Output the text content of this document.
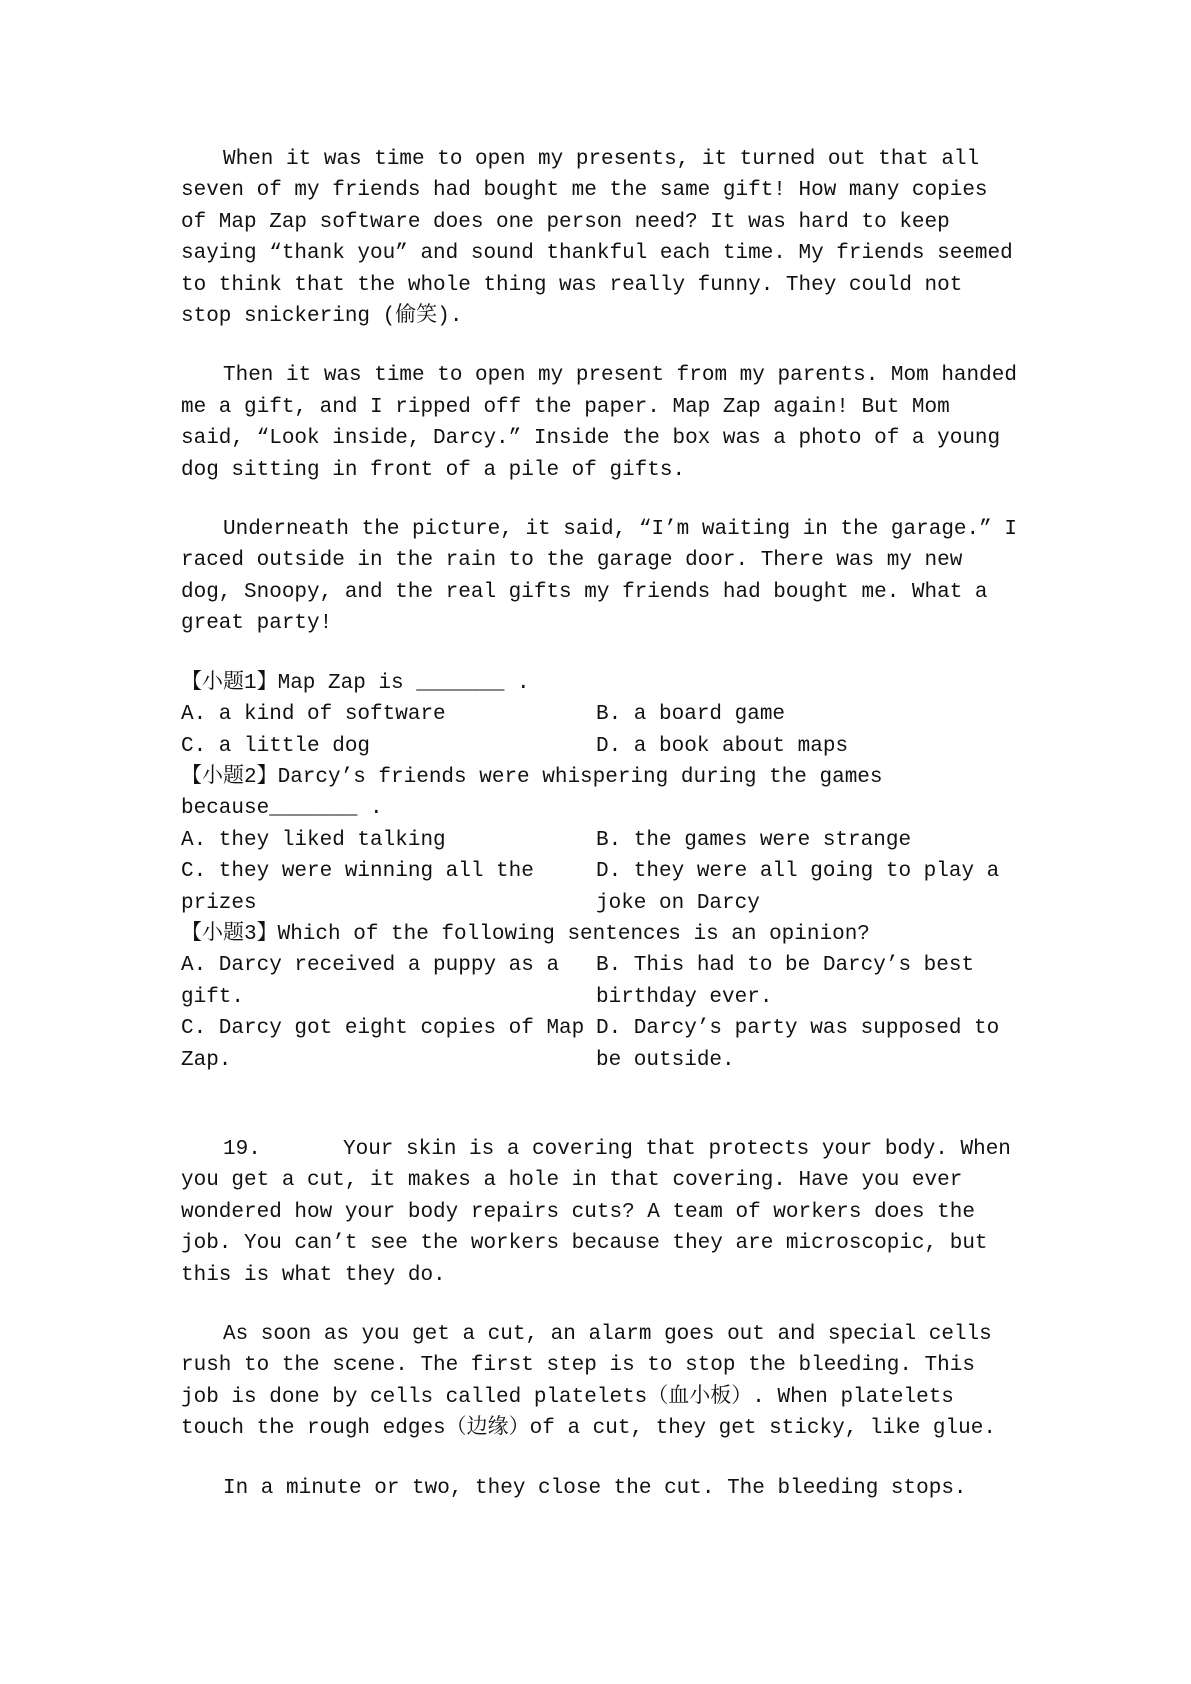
When it was time to open my presents, it turned out that all seven of my friends had bought me the same gift! How many copies of Map Zap software does one person need? It was hard to keep saying “thank you” and sound thankful each time. My friends seemed to think that the whole thing was really funny. They could not stop snickering (偷笑).

Then it was time to open my present from my parents. Mom handed me a gift, and I ripped off the paper. Map Zap again! But Mom said, “Look inside, Darcy.” Inside the box was a photo of a young dog sitting in front of a pile of gifts.

Underneath the picture, it said, “I’m waiting in the garage.” I raced outside in the rain to the garage door. There was my new dog, Snoopy, and the real gifts my friends had bought me. What a great party!

【小题1】Map Zap is _______ .

A. a kind of software	B. a board game

C. a little dog	D. a book about maps

【小题2】Darcy’s friends were whispering during the games because_______ .

A. they liked talking	B. the games were strange

C. they were winning all the prizes

D. they were all going to play a joke on Darcy

【小题3】Which of the following sentences is an opinion?

A. Darcy received a puppy as a gift.

B. This had to be Darcy’s best birthday ever.

C. Darcy got eight copies of Map Zap.

D. Darcy’s party was supposed to be outside.

19.	Your skin is a covering that protects your body. When you get a cut, it makes a hole in that covering. Have you ever wondered how your body repairs cuts? A team of workers does the job. You can’t see the workers because they are microscopic, but this is what they do.

As soon as you get a cut, an alarm goes out and special cells rush to the scene. The first step is to stop the bleeding. This job is done by cells called platelets（血小板）. When platelets touch the rough edges（边缘）of a cut, they get sticky, like glue.

In a minute or two, they close the cut. The bleeding stops.
